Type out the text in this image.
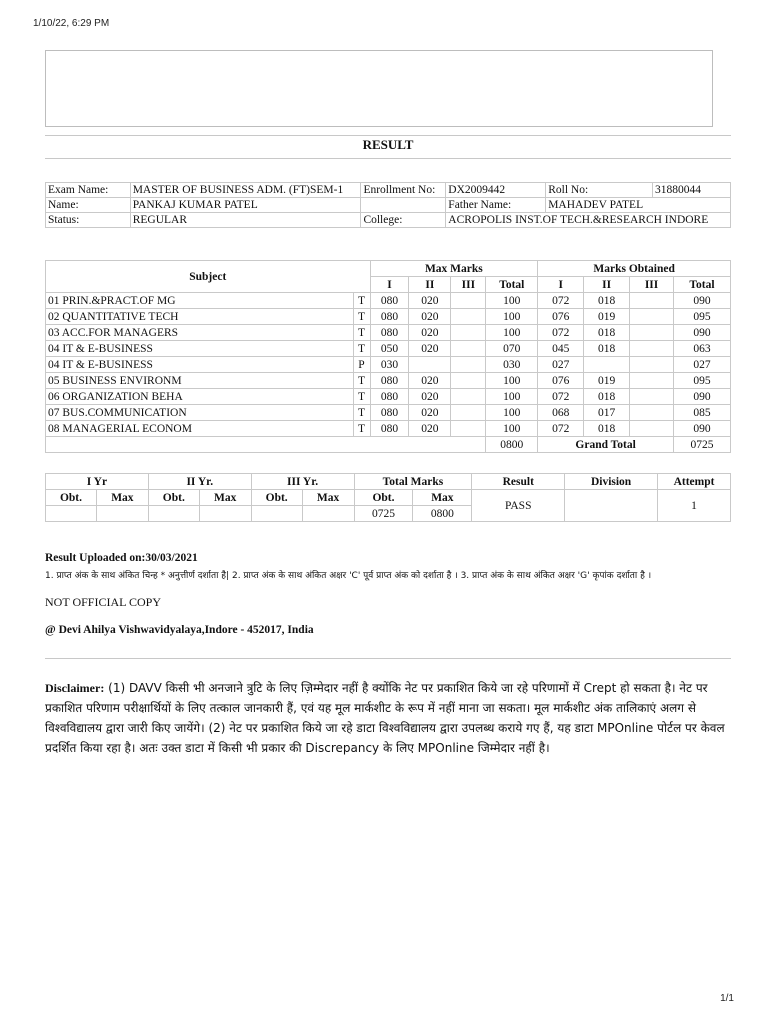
1/10/22, 6:29 PM
RESULT
Exam Name:	MASTER OF BUSINESS ADM. (FT)SEM-1	Enrollment No:	DX2009442	Roll No:	31880044
Name:	PANKAJ KUMAR PATEL		Father Name:	MAHADEV PATEL	
Status:	REGULAR	College:	ACROPOLIS INST.OF TECH.&RESEARCH INDORE		
Subject		Max Marks				Marks Obtained			
		I	II	III	Total	I	II	III	Total
01 PRIN.&PRACT.OF MG	T	080	020		100	072	018		090
02 QUANTITATIVE TECH	T	080	020		100	076	019		095
03 ACC.FOR MANAGERS	T	080	020		100	072	018		090
04 IT & E-BUSINESS	T	050	020		070	045	018		063
04 IT & E-BUSINESS	P	030			030	027			027
05 BUSINESS ENVIRONM	T	080	020		100	076	019		095
06 ORGANIZATION BEHA	T	080	020		100	072	018		090
07 BUS.COMMUNICATION	T	080	020		100	068	017		085
08 MANAGERIAL ECONOM	T	080	020		100	072	018		090
					0800	Grand Total			0725
I Yr		II Yr.		III Yr.		Total Marks		Result	Division	Attempt
Obt.	Max	Obt.	Max	Obt.	Max	Obt.	Max	PASS		1
						0725	0800			
Result Uploaded on:30/03/2021
1. प्राप्त अंक के साथ अंकित चिन्ह * अनुत्तीर्ण दर्शाता है| 2. प्राप्त अंक के साथ अंकित अक्षर 'C' पूर्व प्राप्त अंक को दर्शाता है । 3. प्राप्त अंक के साथ अंकित अक्षर 'G' कृपांक दर्शाता है ।
NOT OFFICIAL COPY
@ Devi Ahilya Vishwavidyalaya,Indore - 452017, India
Disclaimer: (1) DAVV किसी भी अनजाने त्रुटि के लिए ज़िम्मेदार नहीं है क्योंकि नेट पर प्रकाशित किये जा रहे परिणामों में Crept हो सकता है। नेट पर प्रकाशित परिणाम परीक्षार्थियों के लिए तत्काल जानकारी हैं, एवं यह मूल मार्कशीट के रूप में नहीं माना जा सकता। मूल मार्कशीट अंक तालिकाएं अलग से विश्वविद्यालय द्वारा जारी किए जायेंगे। (2) नेट पर प्रकाशित किये जा रहे डाटा विश्वविद्यालय द्वारा उपलब्ध कराये गए हैं, यह डाटा MPOnline पोर्टल पर केवल प्रदर्शित किया रहा है। अतः उक्त डाटा में किसी भी प्रकार की Discrepancy के लिए MPOnline जिम्मेदार नहीं है।
1/1
